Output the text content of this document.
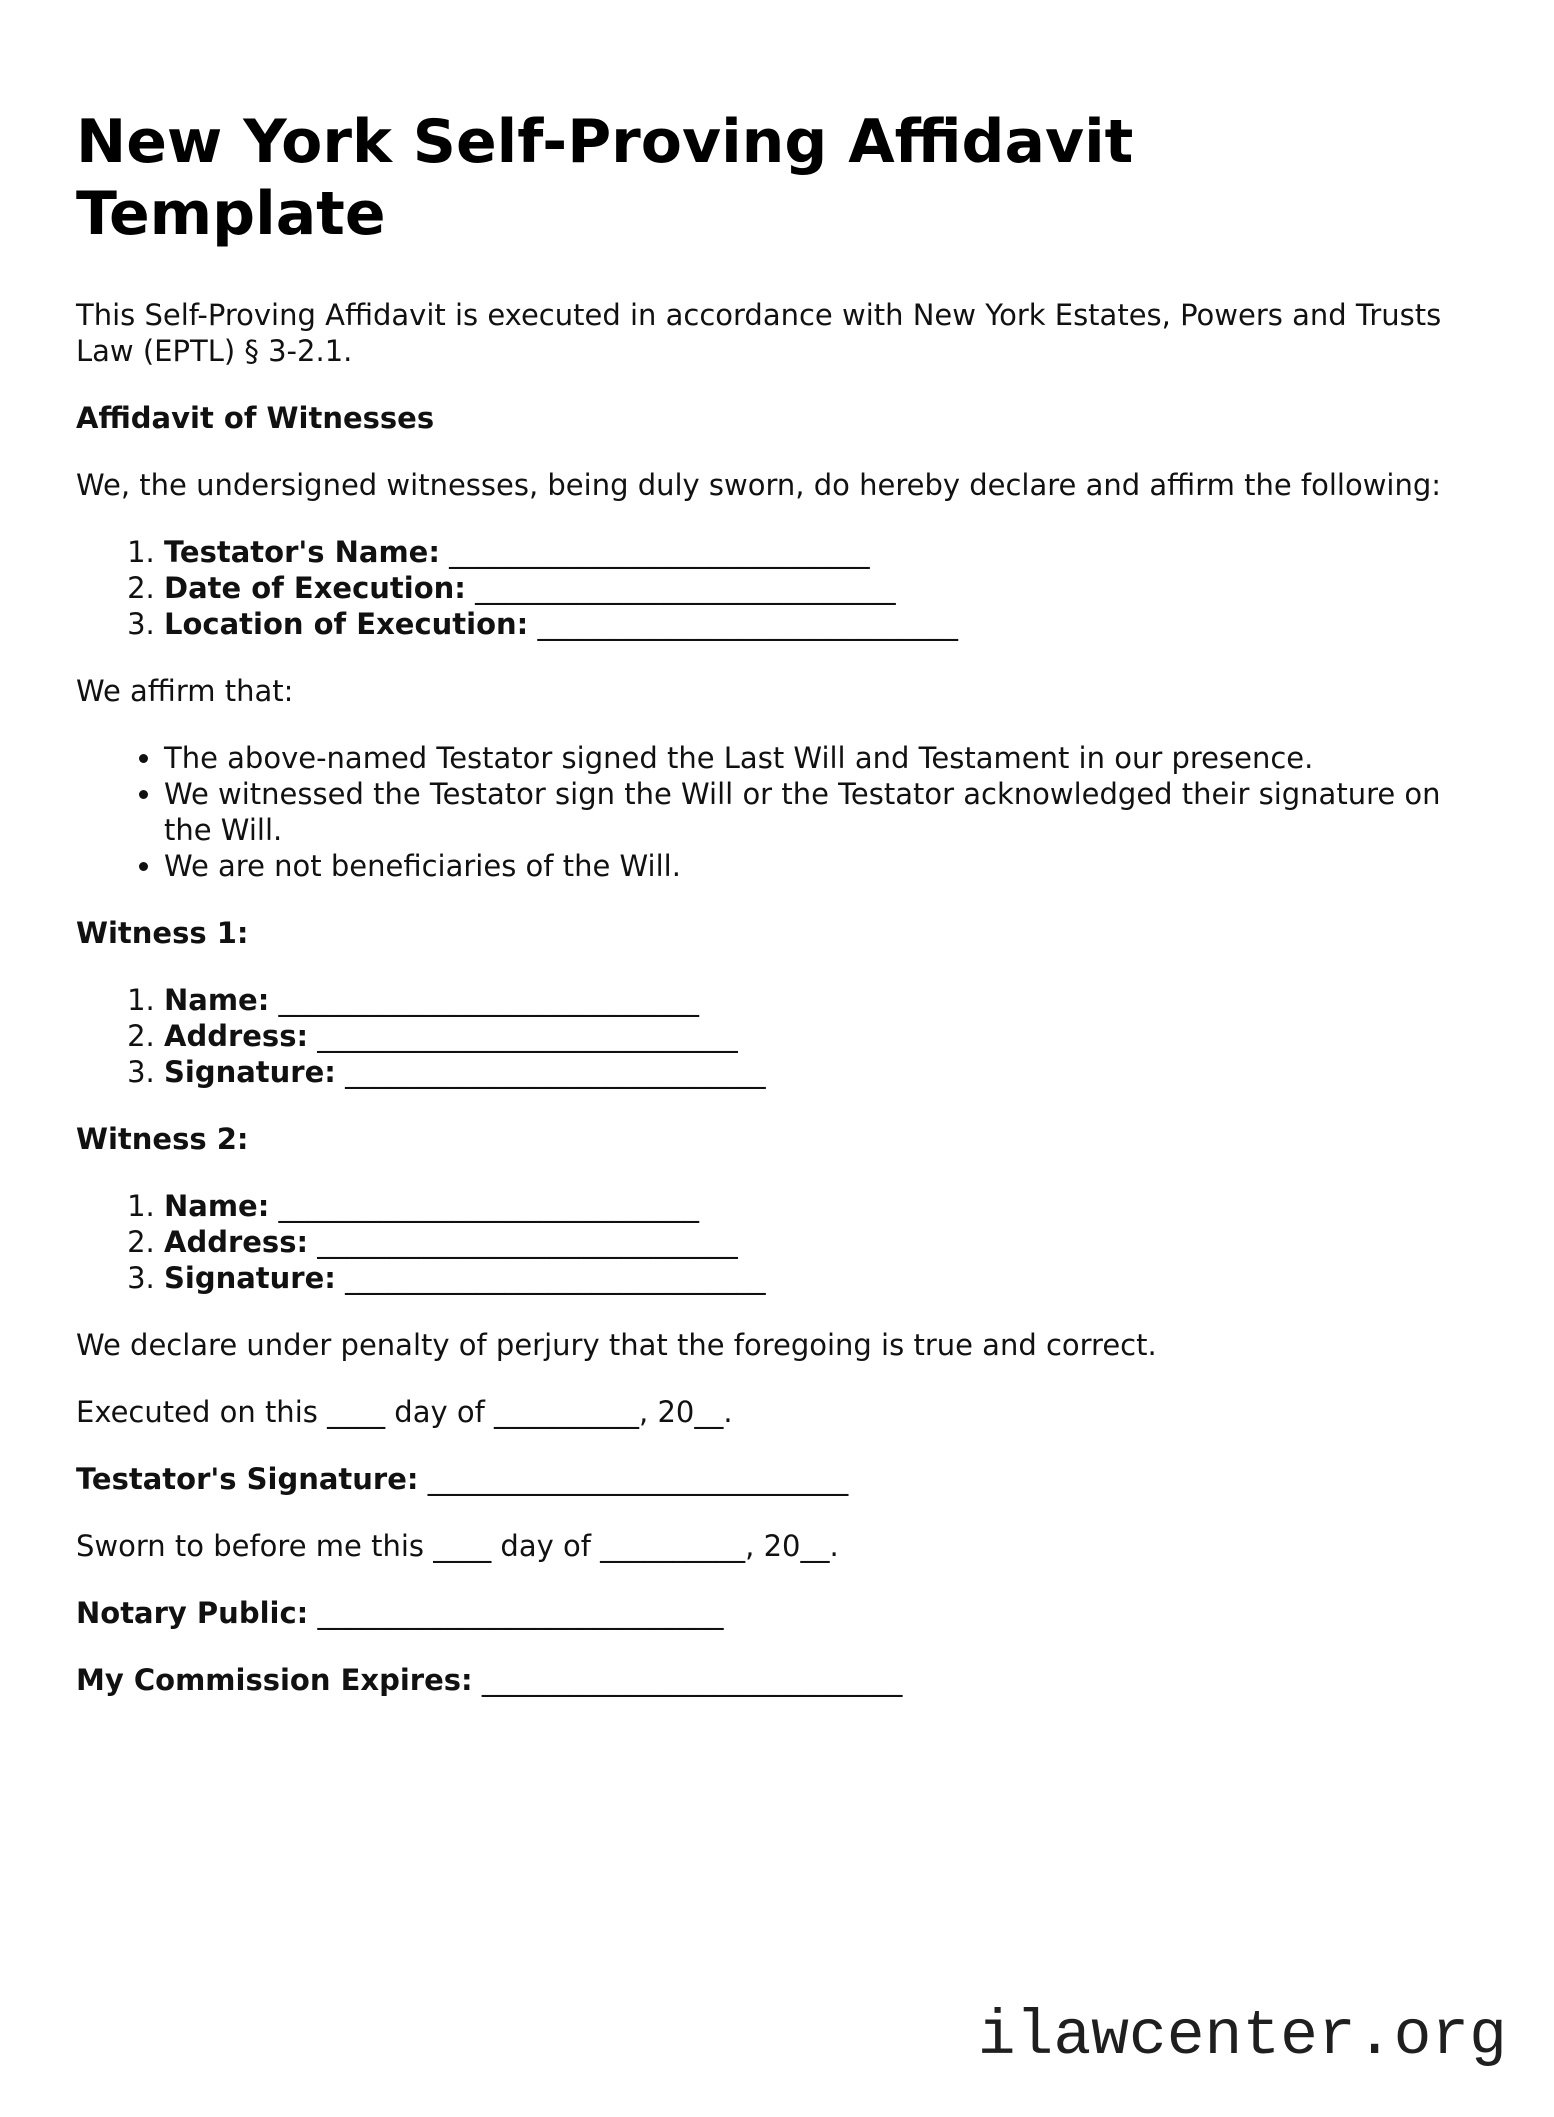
New York Self-Proving Affidavit Template

This Self-Proving Affidavit is executed in accordance with New York Estates, Powers and Trusts Law (EPTL) § 3-2.1.

Affidavit of Witnesses

We, the undersigned witnesses, being duly sworn, do hereby declare and affirm the following:

1. Testator's Name: _____________________________
2. Date of Execution: _____________________________
3. Location of Execution: _____________________________

We affirm that:

• The above-named Testator signed the Last Will and Testament in our presence.
• We witnessed the Testator sign the Will or the Testator acknowledged their signature on the Will.
• We are not beneficiaries of the Will.

Witness 1:

1. Name: _____________________________
2. Address: _____________________________
3. Signature: _____________________________

Witness 2:

1. Name: _____________________________
2. Address: _____________________________
3. Signature: _____________________________

We declare under penalty of perjury that the foregoing is true and correct.

Executed on this ____ day of __________, 20__.

Testator's Signature: _____________________________

Sworn to before me this ____ day of __________, 20__.

Notary Public: ____________________________

My Commission Expires: _____________________________

ilawcenter.org
